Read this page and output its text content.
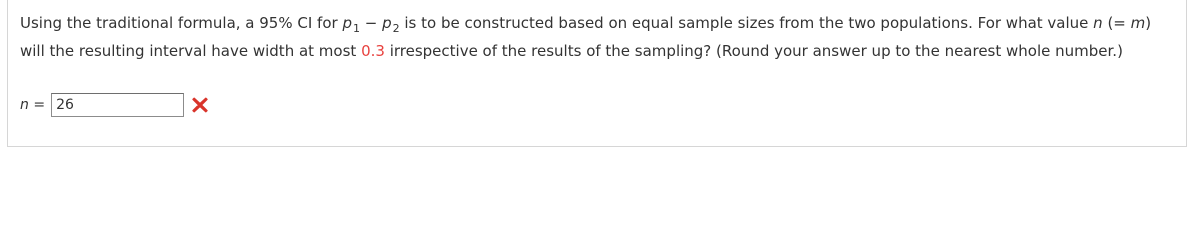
Using the traditional formula, a 95% CI for $p_1 - p_2$ is to be constructed based on equal sample sizes from the two populations. For what value n (= m) will the resulting interval have width at most 0.3 irrespective of the results of the sampling? (Round your answer up to the nearest whole number.)

n =
26
